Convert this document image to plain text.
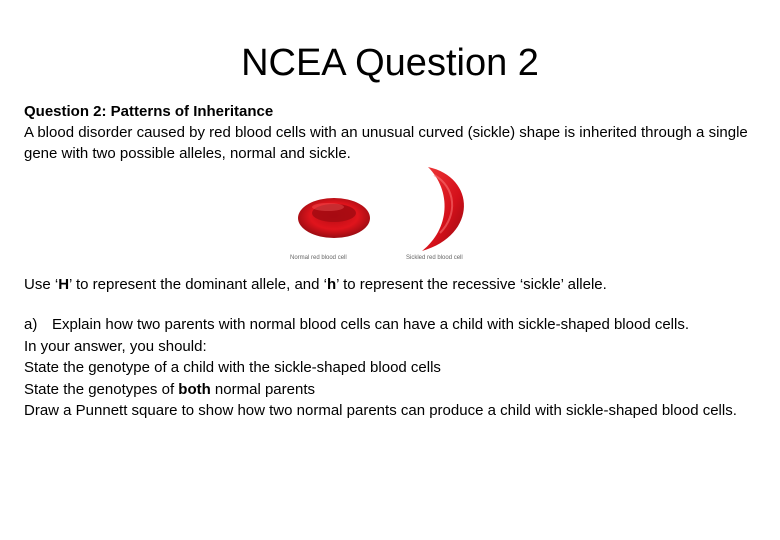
NCEA Question 2
Question 2: Patterns of Inheritance
A blood disorder caused by red blood cells with an unusual curved (sickle) shape is inherited through a single gene with two possible alleles, normal and sickle.
Normal red blood cell	Sickled red blood cell
Use ‘H’ to represent the dominant allele, and ‘h’ to represent the recessive ‘sickle’ allele.
a) Explain how two parents with normal blood cells can have a child with sickle-shaped blood cells.
In your answer, you should:
State the genotype of a child with the sickle-shaped blood cells
State the genotypes of both normal parents
Draw a Punnett square to show how two normal parents can produce a child with sickle-shaped blood cells.
